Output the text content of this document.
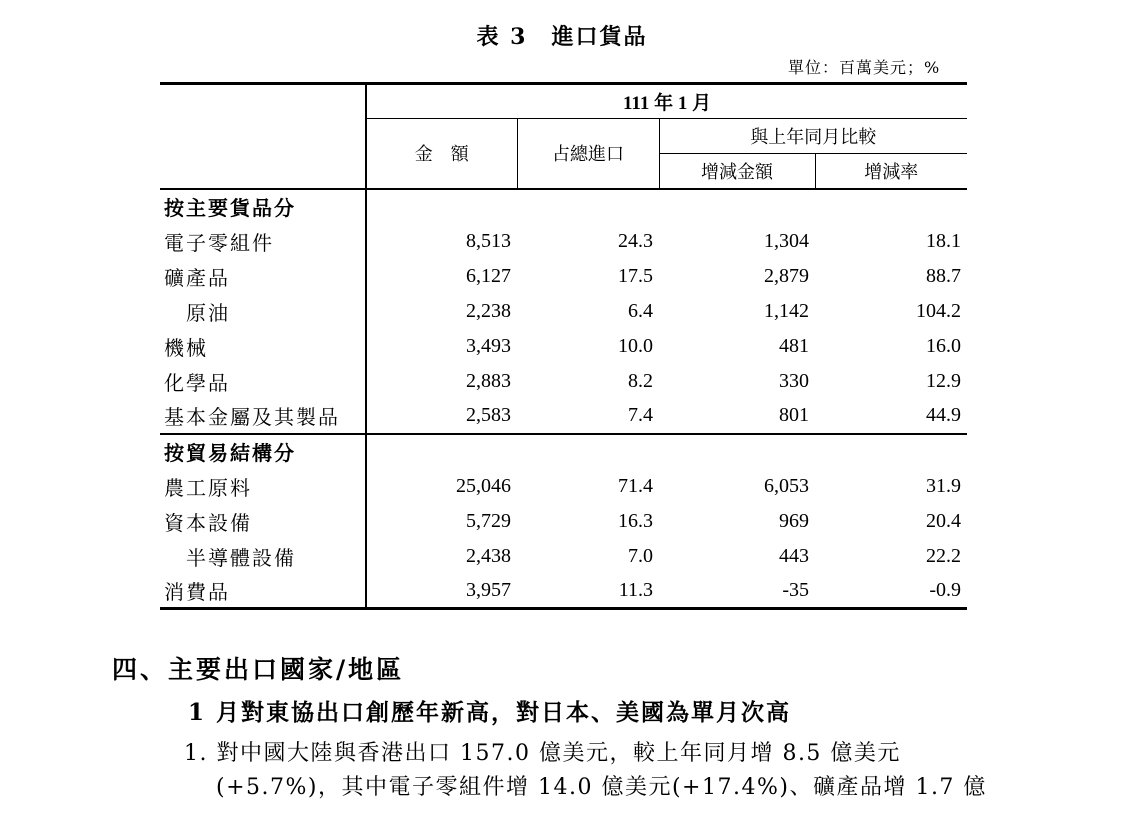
表 3　進口貨品
單位：百萬美元；%
	111 年 1 月			
	金　額	占總進口	與上年同月比較	
			增減金額	增減率
按主要貨品分				
電子零組件	8,513	24.3	1,304	18.1
礦產品	6,127	17.5	2,879	88.7
原油	2,238	6.4	1,142	104.2
機械	3,493	10.0	481	16.0
化學品	2,883	8.2	330	12.9
基本金屬及其製品	2,583	7.4	801	44.9
按貿易結構分				
農工原料	25,046	71.4	6,053	31.9
資本設備	5,729	16.3	969	20.4
半導體設備	2,438	7.0	443	22.2
消費品	3,957	11.3	-35	-0.9
四、主要出口國家/地區
1 月對東協出口創歷年新高，對日本、美國為單月次高
1. 對中國大陸與香港出口 157.0 億美元，較上年同月增 8.5 億美元
(+5.7%)，其中電子零組件增 14.0 億美元(+17.4%)、礦產品增 1.7 億
